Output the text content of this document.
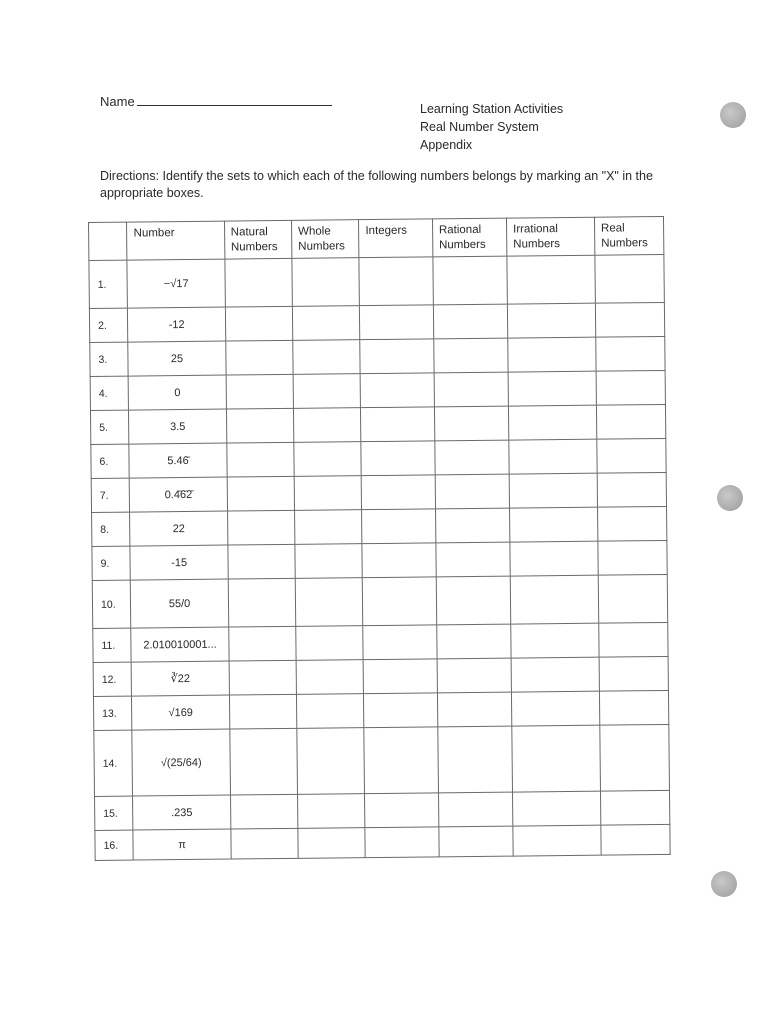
Name	Learning Station Activities
Real Number System
Appendix
Directions: Identify the sets to which each of the following numbers belongs by marking an "X" in the appropriate boxes.
	Number	Natural Numbers	Whole Numbers	Integers	Rational Numbers	Irrational Numbers	Real Numbers
1.	−√17						
2.	-12						
3.	25						
4.	0						
5.	3.5						
6.	5.46̄						
7.	0.4̄6̄2̄						
8.	22						
9.	-15						
10.	55/0						
11.	2.010010001...						
12.	∛22						
13.	√169						
14.	√(25/64)						
15.	.235						
16.	π						
